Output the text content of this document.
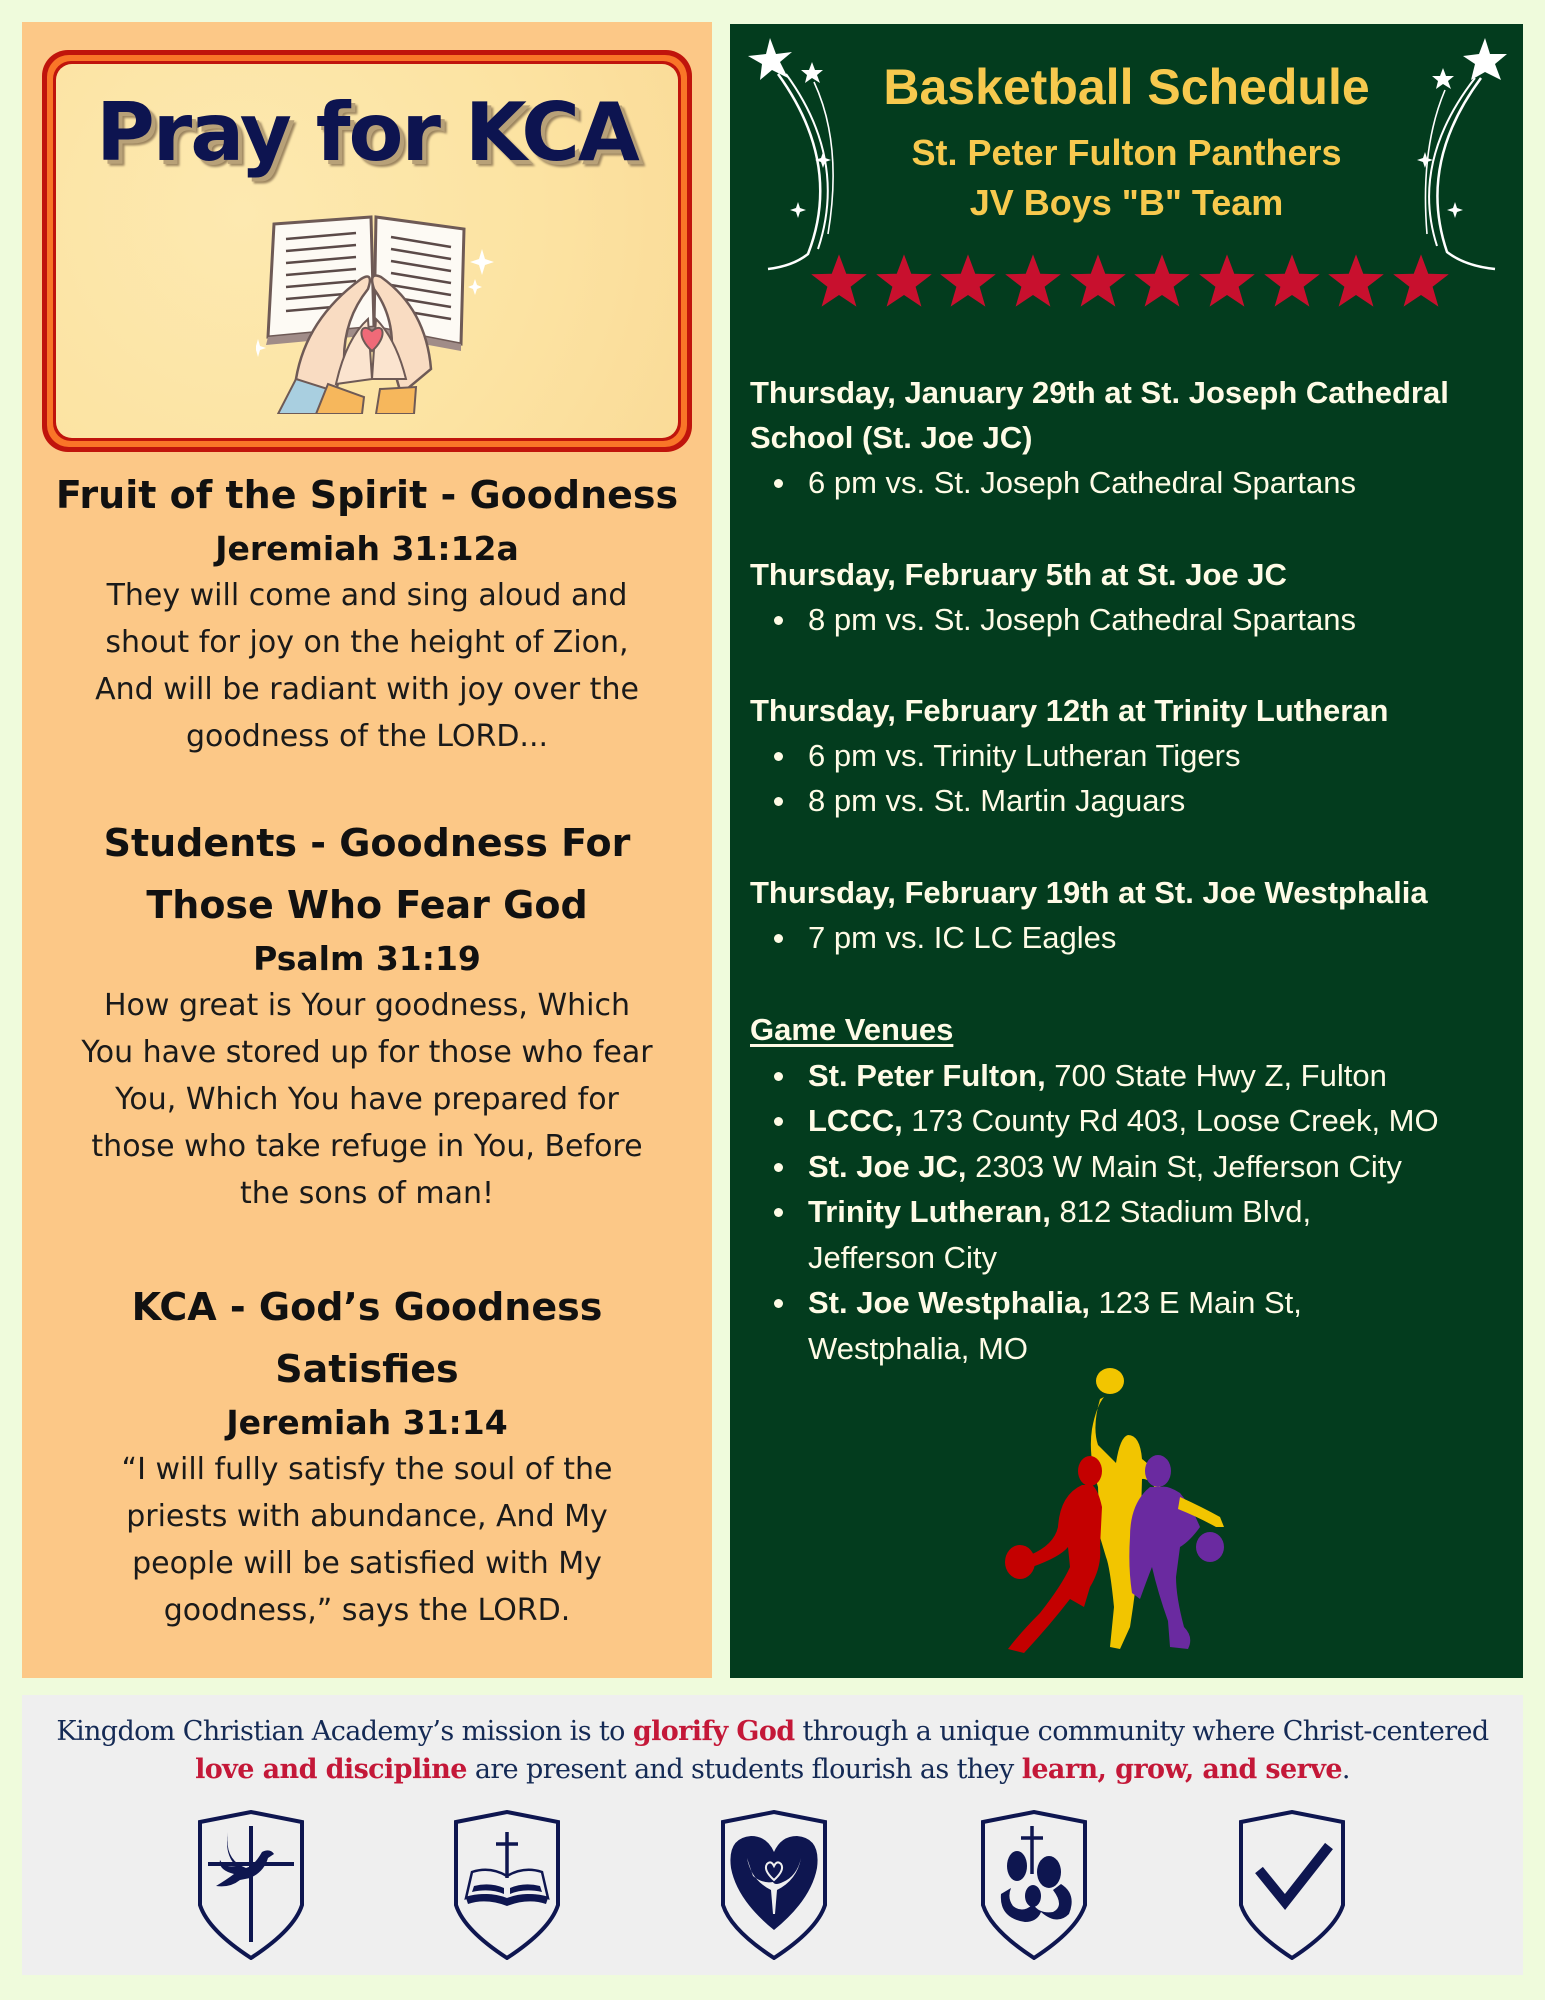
Pray for KCA
Fruit of the Spirit - Goodness
Jeremiah 31:12a
They will come and sing aloud and
shout for joy on the height of Zion,
And will be radiant with joy over the
goodness of the LORD...
Students - Goodness For
Those Who Fear God
Psalm 31:19
How great is Your goodness, Which
You have stored up for those who fear
You, Which You have prepared for
those who take refuge in You, Before
the sons of man!
KCA - God’s Goodness
Satisfies
Jeremiah 31:14
“I will fully satisfy the soul of the
priests with abundance, And My
people will be satisfied with My
goodness,” says the LORD.
Basketball Schedule
St. Peter Fulton Panthers
JV Boys "B" Team
Thursday, January 29th at St. Joseph Cathedral
School (St. Joe JC)
6 pm vs. St. Joseph Cathedral Spartans
Thursday, February 5th at St. Joe JC
8 pm vs. St. Joseph Cathedral Spartans
Thursday, February 12th at Trinity Lutheran
6 pm vs. Trinity Lutheran Tigers
8 pm vs. St. Martin Jaguars
Thursday, February 19th at St. Joe Westphalia
7 pm vs. IC LC Eagles
Game Venues
St. Peter Fulton, 700 State Hwy Z, Fulton
LCCC, 173 County Rd 403, Loose Creek, MO
St. Joe JC, 2303 W Main St, Jefferson City
Trinity Lutheran, 812 Stadium Blvd, Jefferson City
St. Joe Westphalia, 123 E Main St, Westphalia, MO
Kingdom Christian Academy’s mission is to glorify God through a unique community where Christ-centered love and discipline are present and students flourish as they learn, grow, and serve.
